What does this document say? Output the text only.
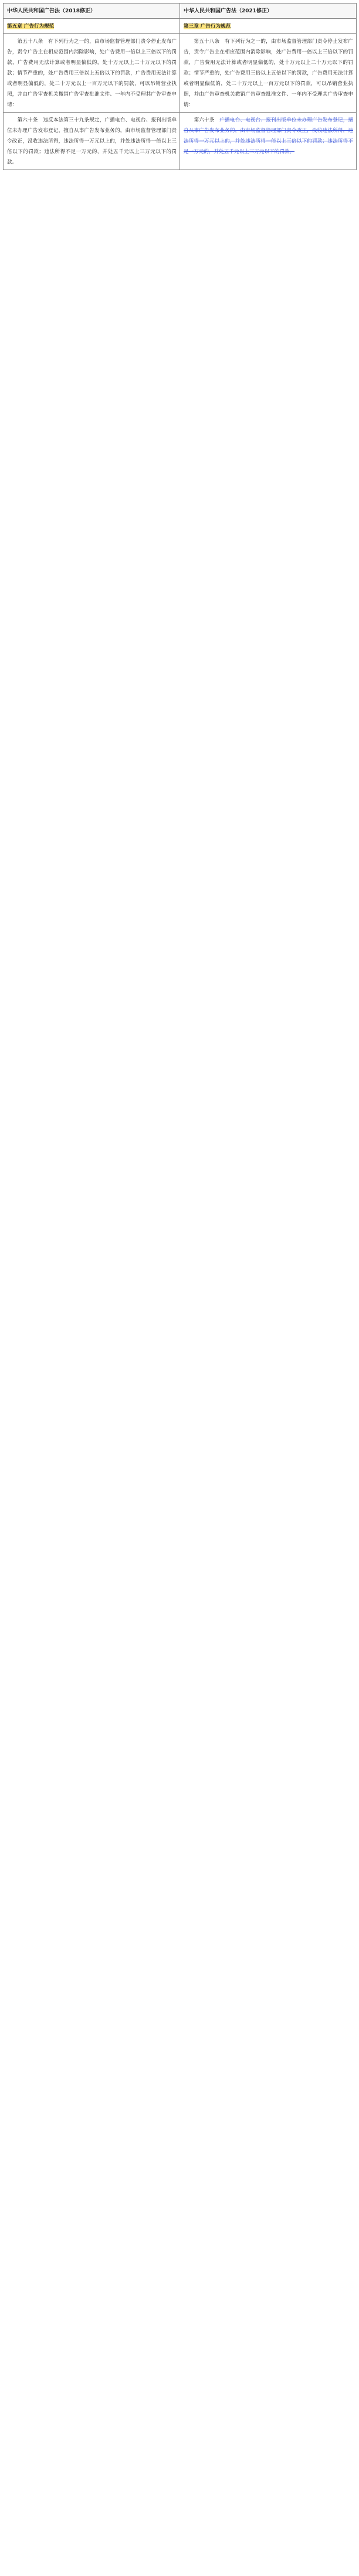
中华人民共和国广告法（2018修正）	中华人民共和国广告法（2021修正）
第五章 广告行为规范	第三章 广告行为规范

　　第五十八条　有下列行为之一的，由市场监督管理部门责令停止发布广告，责令广告主在相应范围内消除影响，处广告费用一倍以上三倍以下的罚款，广告费用无法计算或者明显偏低的，处十万元以上二十万元以下的罚款；情节严重的，处广告费用三倍以上五倍以下的罚款，广告费用无法计算或者明显偏低的，处二十万元以上一百万元以下的罚款，可以吊销营业执照，并由广告审查机关撤销广告审查批准文件、一年内不受理其广告审查申请：	　　第五十八条　有下列行为之一的，由市场监督管理部门责令停止发布广告，责令广告主在相应范围内消除影响，处广告费用一倍以上三倍以下的罚款，广告费用无法计算或者明显偏低的，处十万元以上二十万元以下的罚款；情节严重的，处广告费用三倍以上五倍以下的罚款，广告费用无法计算或者明显偏低的，处二十万元以上一百万元以下的罚款，可以吊销营业执照，并由广告审查机关撤销广告审查批准文件、一年内不受理其广告审查申请：

　　第六十条　违反本法第三十九条规定，广播电台、电视台、报刊出版单位未办理广告发布登记，擅自从事广告发布业务的，由市场监督管理部门责令改正，没收违法所得，违法所得一万元以上的，并处违法所得一倍以上三倍以下的罚款；违法所得不足一万元的，并处五千元以上三万元以下的罚款。	　　第六十条　广播电台、电视台、报刊出版单位未办理广告发布登记，擅自从事广告发布业务的，由市场监督管理部门责令改正，没收违法所得，违法所得一万元以上的，并处违法所得一倍以上三倍以下的罚款；违法所得不足一万元的，并处五千元以上三万元以下的罚款。
